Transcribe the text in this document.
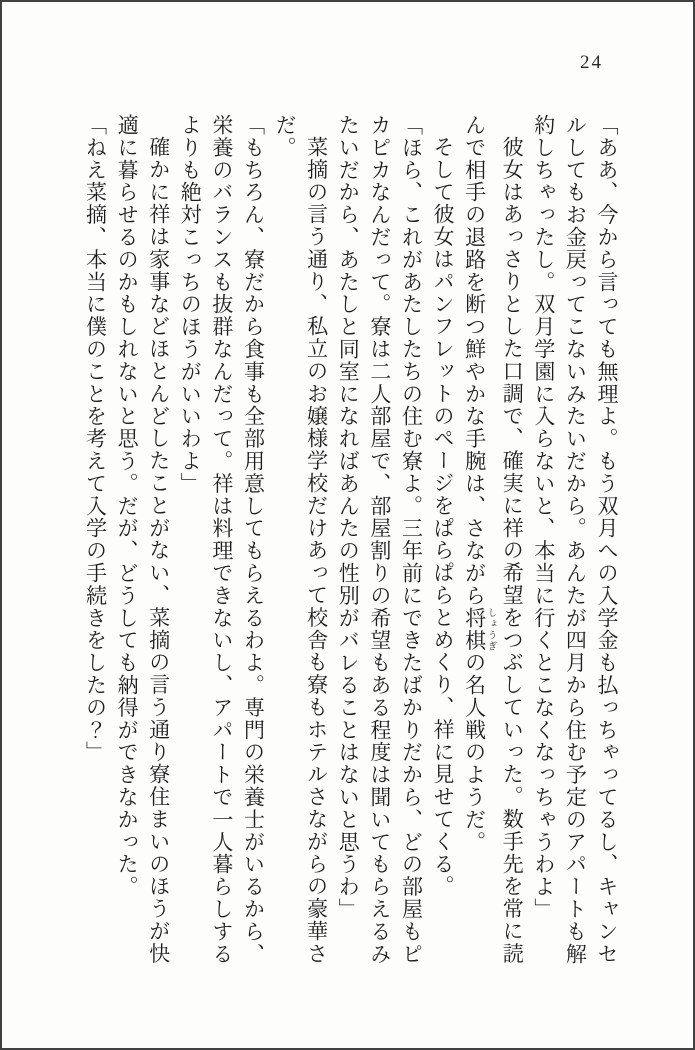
24
「ああ、今から言っても無理よ。もう双月への入学金も払っちゃってるし、キャンセ
ルしてもお金戻ってこないみたいだから。あんたが四月から住む予定のアパートも解
約しちゃったし。双月学園に入らないと、本当に行くとこなくなっちゃうわよ」
彼女はあっさりとした口調で、確実に祥の希望をつぶしていった。数手先を常に読
んで相手の退路を断つ鮮やかな手腕は、さながら将棋 しょうぎの名人戦のようだ。
そして彼女はパンフレットのページをぱらぱらとめくり、祥に見せてくる。
「ほら、これがあたしたちの住む寮よ。三年前にできたばかりだから、どの部屋もピ
カピカなんだって。寮は二人部屋で、部屋割りの希望もある程度は聞いてもらえるみ
たいだから、あたしと同室になればあんたの性別がバレることはないと思うわ」
菜摘の言う通り、私立のお嬢様学校だけあって校舎も寮もホテルさながらの豪華さ
だ。
「もちろん、寮だから食事も全部用意してもらえるわよ。専門の栄養士がいるから、
栄養のバランスも抜群なんだって。祥は料理できないし、アパートで一人暮らしする
よりも絶対こっちのほうがいいわよ」
確かに祥は家事などほとんどしたことがない、菜摘の言う通り寮住まいのほうが快
適に暮らせるのかもしれないと思う。だが、どうしても納得ができなかった。
「ねえ菜摘、本当に僕のことを考えて入学の手続きをしたの？」
